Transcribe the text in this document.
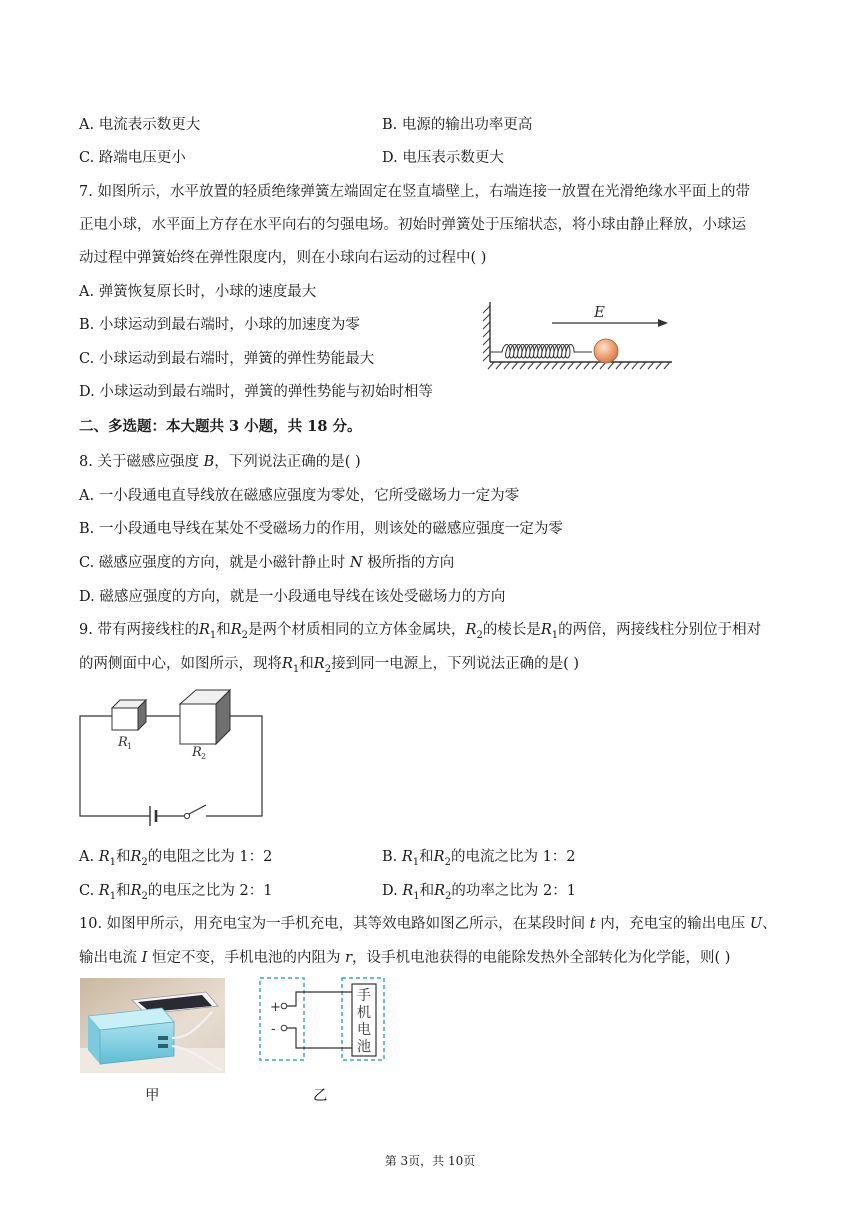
A. 电流表示数更大	B. 电源的输出功率更高
C. 路端电压更小	D. 电压表示数更大
7. 如图所示，水平放置的轻质绝缘弹簧左端固定在竖直墙壁上，右端连接一放置在光滑绝缘水平面上的带
正电小球，水平面上方存在水平向右的匀强电场。初始时弹簧处于压缩状态，将小球由静止释放，小球运
动过程中弹簧始终在弹性限度内，则在小球向右运动的过程中( )
A. 弹簧恢复原长时，小球的速度最大
B. 小球运动到最右端时，小球的加速度为零
C. 小球运动到最右端时，弹簧的弹性势能最大
D. 小球运动到最右端时，弹簧的弹性势能与初始时相等
E
二、多选题：本大题共 3 小题，共 18 分。
8. 关于磁感应强度 B，下列说法正确的是( )
A. 一小段通电直导线放在磁感应强度为零处，它所受磁场力一定为零
B. 一小段通电导线在某处不受磁场力的作用，则该处的磁感应强度一定为零
C. 磁感应强度的方向，就是小磁针静止时 N 极所指的方向
D. 磁感应强度的方向，就是一小段通电导线在该处受磁场力的方向
9. 带有两接线柱的$R_1$和$R_2$是两个材质相同的立方体金属块，$R_2$的棱长是$R_1$的两倍，两接线柱分别位于相对
的两侧面中心，如图所示，现将$R_1$和$R_2$接到同一电源上，下列说法正确的是( )
R 1	R 2
A. $R_1$和$R_2$的电阻之比为 1：2	B. $R_1$和$R_2$的电流之比为 1：2
C. $R_1$和$R_2$的电压之比为 2：1	D. $R_1$和$R_2$的功率之比为 2：1
10. 如图甲所示，用充电宝为一手机充电，其等效电路如图乙所示，在某段时间 t 内，充电宝的输出电压 U、
输出电流 I 恒定不变，手机电池的内阻为 r，设手机电池获得的电能除发热外全部转化为化学能，则( )
甲
+
-
手
机
电
池
乙
第 3页，共 10页
